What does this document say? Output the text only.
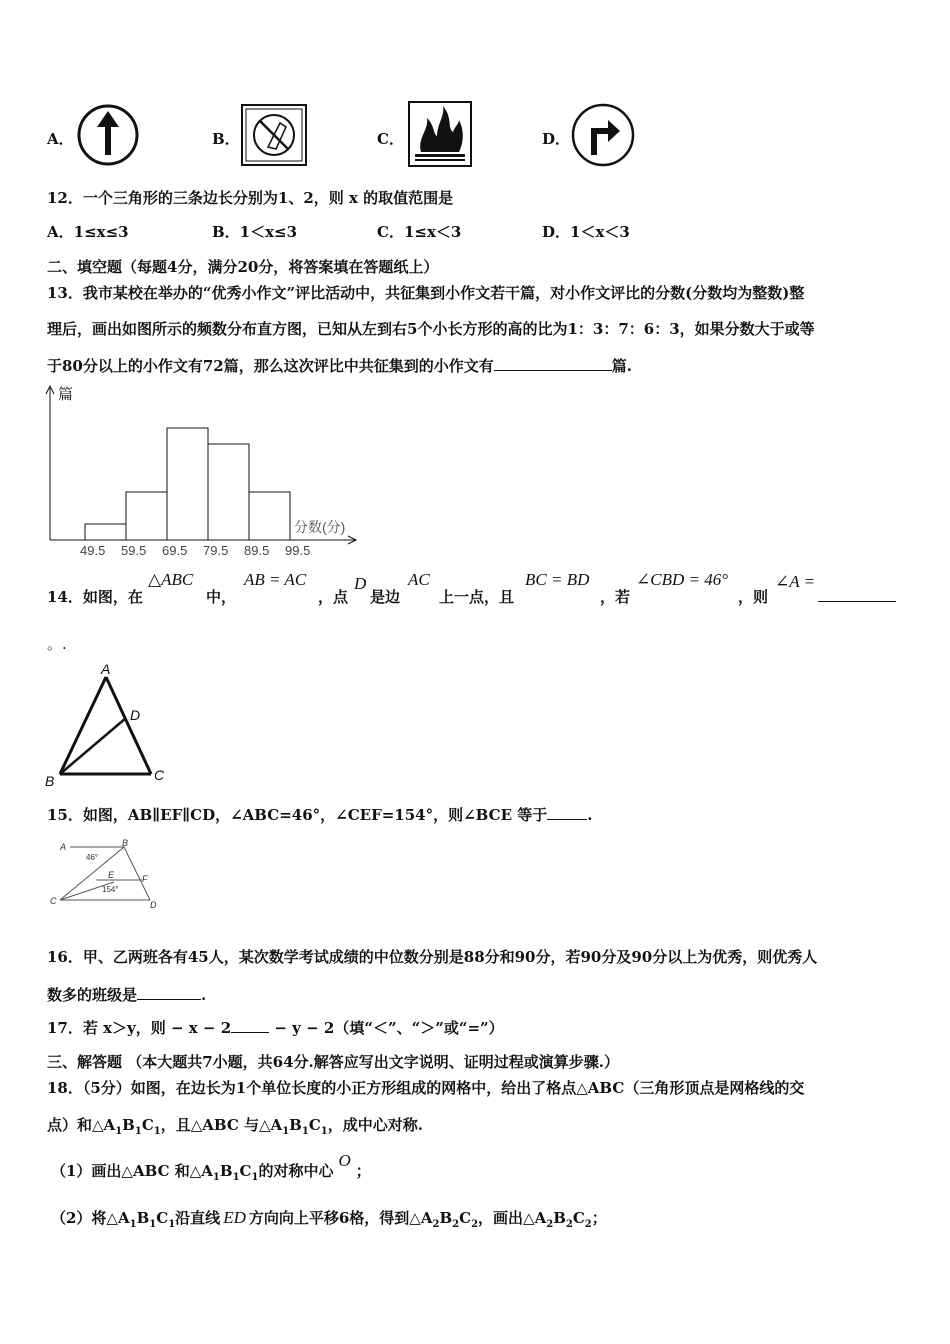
A．	B．	C．	D．
12．一个三角形的三条边长分别为1、2，则 x 的取值范围是
A．1≤x≤3	B．1＜x≤3	C．1≤x＜3	D．1＜x＜3
二、填空题（每题4分，满分20分，将答案填在答题纸上）
13．我市某校在举办的“优秀小作文”评比活动中，共征集到小作文若干篇，对小作文评比的分数(分数均为整数)整
理后，画出如图所示的频数分布直方图，已知从左到右5个小长方形的高的比为1：3：7：6：3，如果分数大于或等
于80分以上的小作文有72篇，那么这次评比中共征集到的小作文有	篇.
篇
分数(分)
49.5 59.5 69.5 79.5 89.5 99.5
14．如图，在
△ABC
中，
AB = AC
，点
D
是边
AC
上一点，且
BC = BD
，若
∠CBD = 46°
，则
∠A =
。.
A
D
B	C
15．如图，AB∥EF∥CD，∠ABC=46°，∠CEF=154°，则∠BCE 等于	.
A	B
46°
E	F
154°
C	D
16．甲、乙两班各有45人，某次数学考试成绩的中位数分别是88分和90分，若90分及90分以上为优秀，则优秀人
数多的班级是	.
17．若 x＞y，则 − x − 2	− y − 2（填“＜”、“＞”或“=”）
三、解答题 （本大题共7小题，共64分.解答应写出文字说明、证明过程或演算步骤.）
18．（5分）如图，在边长为1个单位长度的小正方形组成的网格中，给出了格点△ABC（三角形顶点是网格线的交
点）和$\triangle A_1B_1C_1$，且△ABC 与$\triangle A_1B_1C_1$，成中心对称.
（1）画出△ABC 和$\triangle A_1B_1C_1$的对称中心O；
（2）将$\triangle A_1B_1C_1$沿直线 ED 方向向上平移6格，得到$\triangle A_2B_2C_2$，画出$\triangle A_2B_2C_2$；
